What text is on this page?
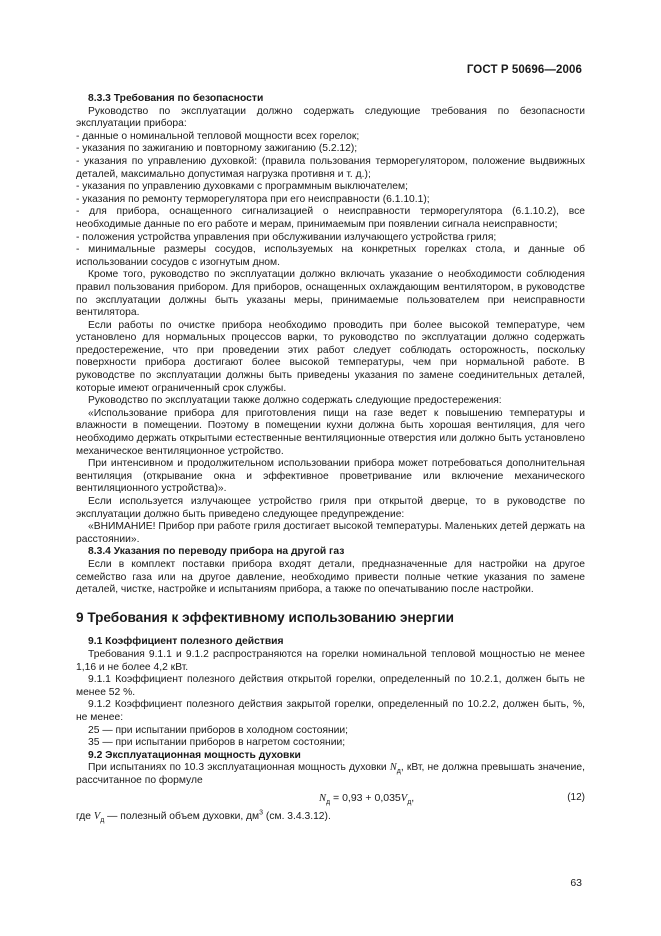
ГОСТ Р 50696—2006

8.3.3 Требования по безопасности

Руководство по эксплуатации должно содержать следующие требования по безопасности эксплуатации прибора:

- данные о номинальной тепловой мощности всех горелок;

- указания по зажиганию и повторному зажиганию (5.2.12);

- указания по управлению духовкой: (правила пользования терморегулятором, положение выдвижных деталей, максимально допустимая нагрузка противня и т. д.);

- указания по управлению духовками с программным выключателем;

- указания по ремонту терморегулятора при его неисправности (6.1.10.1);

- для прибора, оснащенного сигнализацией о неисправности терморегулятора (6.1.10.2), все необходимые данные по его работе и мерам, принимаемым при появлении сигнала неисправности;

- положения устройства управления при обслуживании излучающего устройства гриля;

- минимальные размеры сосудов, используемых на конкретных горелках стола, и данные об использовании сосудов с изогнутым дном.

Кроме того, руководство по эксплуатации должно включать указание о необходимости соблюдения правил пользования прибором. Для приборов, оснащенных охлаждающим вентилятором, в руководстве по эксплуатации должны быть указаны меры, принимаемые пользователем при неисправности вентилятора.

Если работы по очистке прибора необходимо проводить при более высокой температуре, чем установлено для нормальных процессов варки, то руководство по эксплуатации должно содержать предостережение, что при проведении этих работ следует соблюдать осторожность, поскольку поверхности прибора достигают более высокой температуры, чем при нормальной работе. В руководстве по эксплуатации должны быть приведены указания по замене соединительных деталей, которые имеют ограниченный срок службы.

Руководство по эксплуатации также должно содержать следующие предостережения:

«Использование прибора для приготовления пищи на газе ведет к повышению температуры и влажности в помещении. Поэтому в помещении кухни должна быть хорошая вентиляция, для чего необходимо держать открытыми естественные вентиляционные отверстия или должно быть установлено механическое вентиляционное устройство.

При интенсивном и продолжительном использовании прибора может потребоваться дополнительная вентиляция (открывание окна и эффективное проветривание или включение механического вентиляционного устройства)».

Если используется излучающее устройство гриля при открытой дверце, то в руководстве по эксплуатации должно быть приведено следующее предупреждение:

«ВНИМАНИЕ! Прибор при работе гриля достигает высокой температуры. Маленьких детей держать на расстоянии».

8.3.4 Указания по переводу прибора на другой газ

Если в комплект поставки прибора входят детали, предназначенные для настройки на другое семейство газа или на другое давление, необходимо привести полные четкие указания по замене деталей, чистке, настройке и испытаниям прибора, а также по опечатыванию после настройки.

9 Требования к эффективному использованию энергии

9.1 Коэффициент полезного действия

Требования 9.1.1 и 9.1.2 распространяются на горелки номинальной тепловой мощностью не менее 1,16 и не более 4,2 кВт.

9.1.1 Коэффициент полезного действия открытой горелки, определенный по 10.2.1, должен быть не менее 52 %.

9.1.2 Коэффициент полезного действия закрытой горелки, определенный по 10.2.2, должен быть, %, не менее:

25 — при испытании приборов в холодном состоянии;

35 — при испытании приборов в нагретом состоянии;

9.2 Эксплуатационная мощность духовки

При испытаниях по 10.3 эксплуатационная мощность духовки $N_д$, кВт, не должна превышать значение, рассчитанное по формуле

$N_д = 0,93 + 0,035V_д$,	(12)

где $V_д$ — полезный объем духовки, $дм^3$ (см. 3.4.3.12).

63
